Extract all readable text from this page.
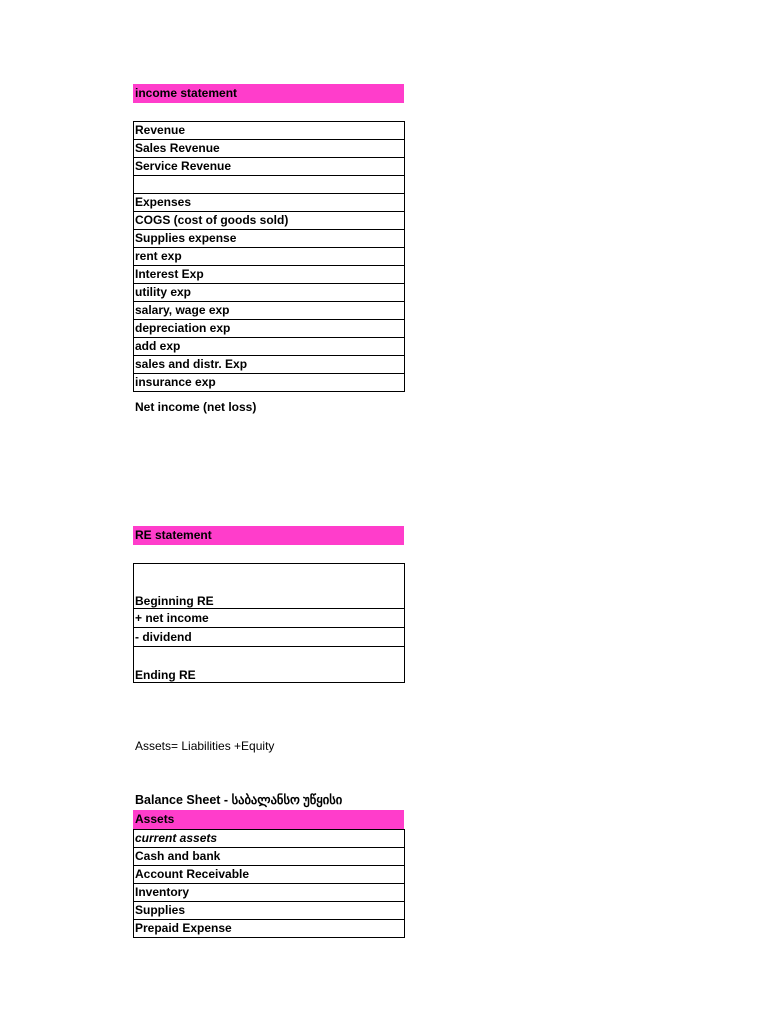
income statement
Revenue
Sales Revenue
Service Revenue

Expenses
COGS (cost of goods sold)
Supplies expense
rent exp
Interest Exp
utility exp
salary, wage exp
depreciation exp
add exp
sales and distr. Exp
insurance exp
Net income (net loss)
RE statement

Beginning RE
+ net income
- dividend
Ending RE
Assets= Liabilities +Equity
Balance Sheet - საბალანსო უწყისი
Assets
current assets
Cash and bank
Account Receivable
Inventory
Supplies
Prepaid Expense
